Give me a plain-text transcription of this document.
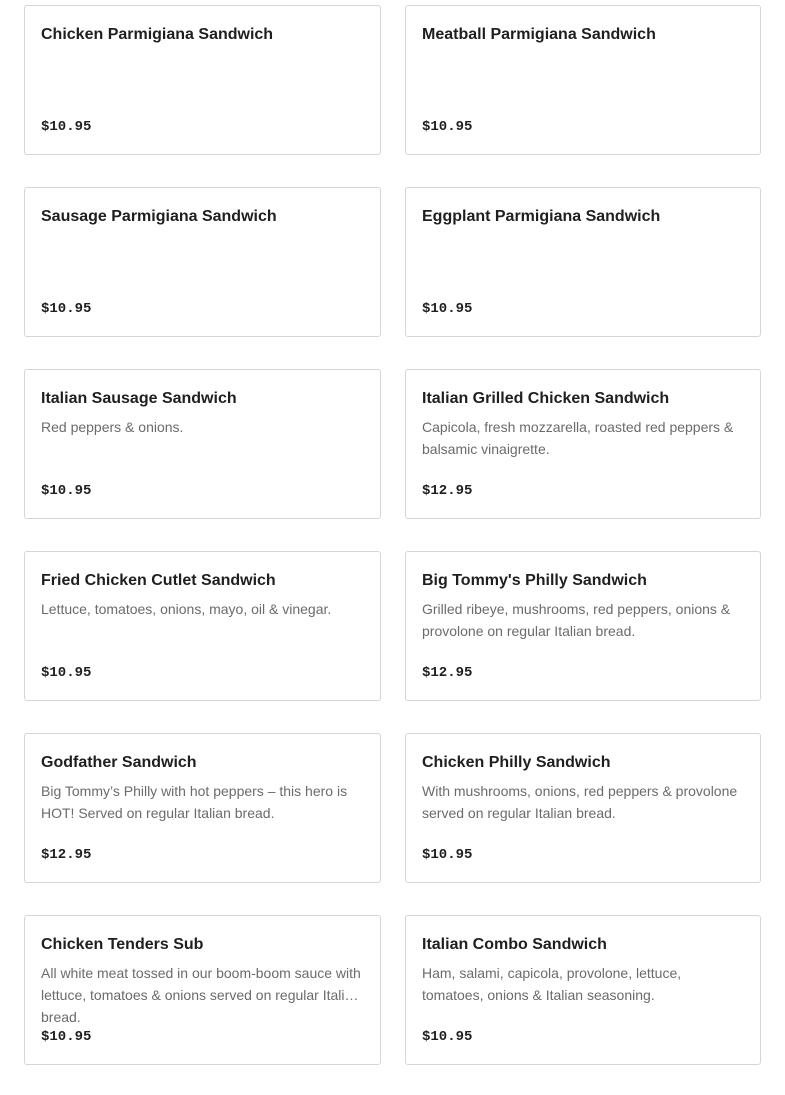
Chicken Parmigiana Sandwich
$10.95
Meatball Parmigiana Sandwich
$10.95
Sausage Parmigiana Sandwich
$10.95
Eggplant Parmigiana Sandwich
$10.95
Italian Sausage Sandwich
Red peppers & onions.
$10.95
Italian Grilled Chicken Sandwich
Capicola, fresh mozzarella, roasted red peppers & balsamic vinaigrette.
$12.95
Fried Chicken Cutlet Sandwich
Lettuce, tomatoes, onions, mayo, oil & vinegar.
$10.95
Big Tommy's Philly Sandwich
Grilled ribeye, mushrooms, red peppers, onions & provolone on regular Italian bread.
$12.95
Godfather Sandwich
Big Tommy’s Philly with hot peppers – this hero is HOT! Served on regular Italian bread.
$12.95
Chicken Philly Sandwich
With mushrooms, onions, red peppers & provolone served on regular Italian bread.
$10.95
Chicken Tenders Sub
All white meat tossed in our boom-boom sauce with lettuce, tomatoes & onions served on regular Italian bread.
$10.95
Italian Combo Sandwich
Ham, salami, capicola, provolone, lettuce, tomatoes, onions & Italian seasoning.
$10.95
